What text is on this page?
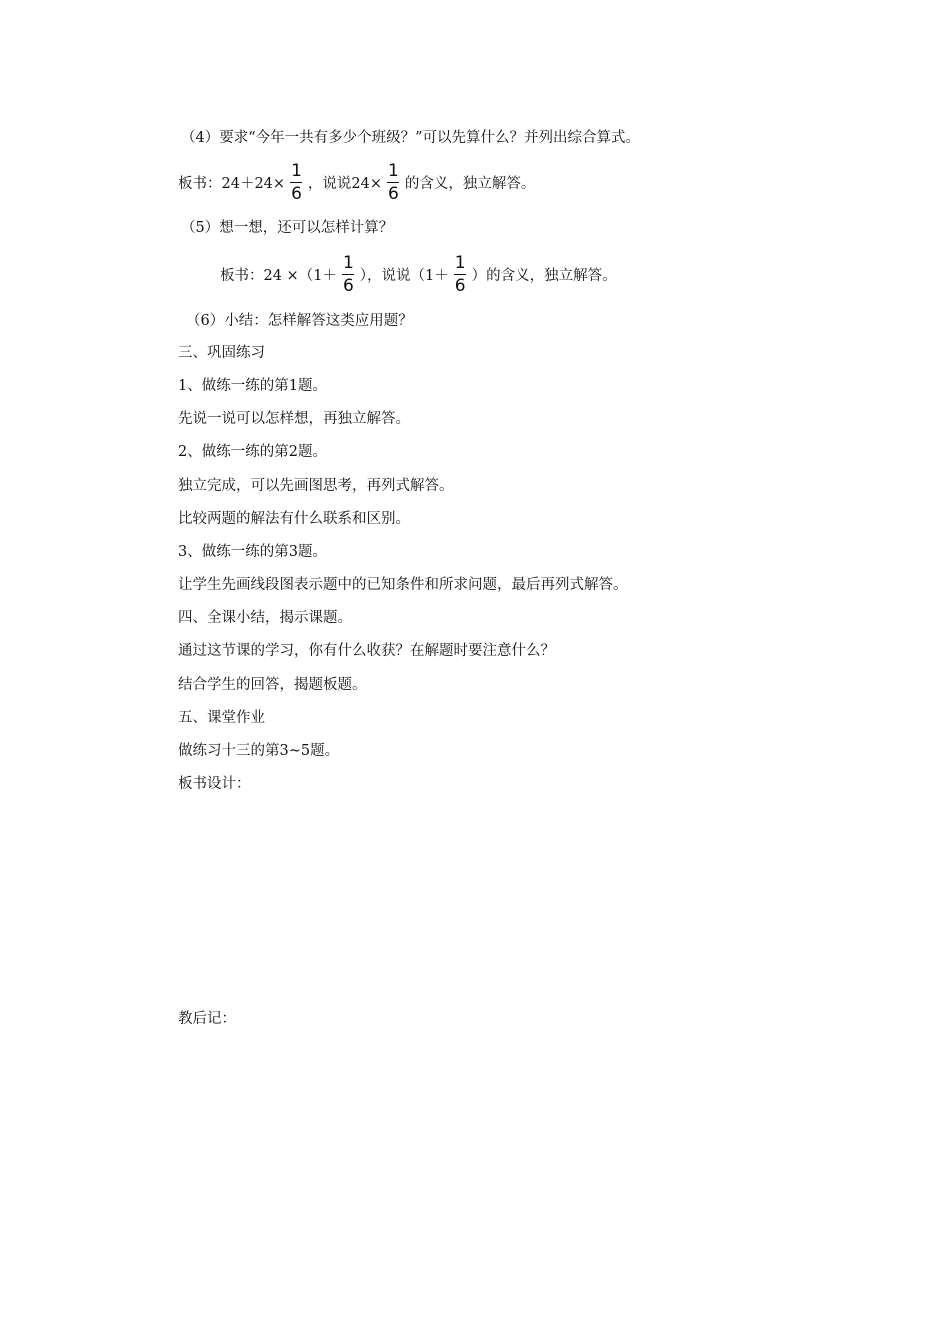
（4）要求“今年一共有多少个班级？”可以先算什么？并列出综合算式。
板书：$24+24\times \frac{1}{6}$ ，说说$24\times \frac{1}{6}$ 的含义，独立解答。
（5）想一想，还可以怎样计算？
板书：$24 \times(1+ \frac{1}{6}$ ），说说（$1+ \frac{1}{6}$ ）的含义，独立解答。
（6）小结：怎样解答这类应用题？
三、巩固练习
1、做练一练的第1题。
先说一说可以怎样想，再独立解答。
2、做练一练的第2题。
独立完成，可以先画图思考，再列式解答。
比较两题的解法有什么联系和区别。
3、做练一练的第3题。
让学生先画线段图表示题中的已知条件和所求问题，最后再列式解答。
四、全课小结，揭示课题。
通过这节课的学习，你有什么收获？在解题时要注意什么？
结合学生的回答，揭题板题。
五、课堂作业
做练习十三的第3~5题。
板书设计：
教后记：
